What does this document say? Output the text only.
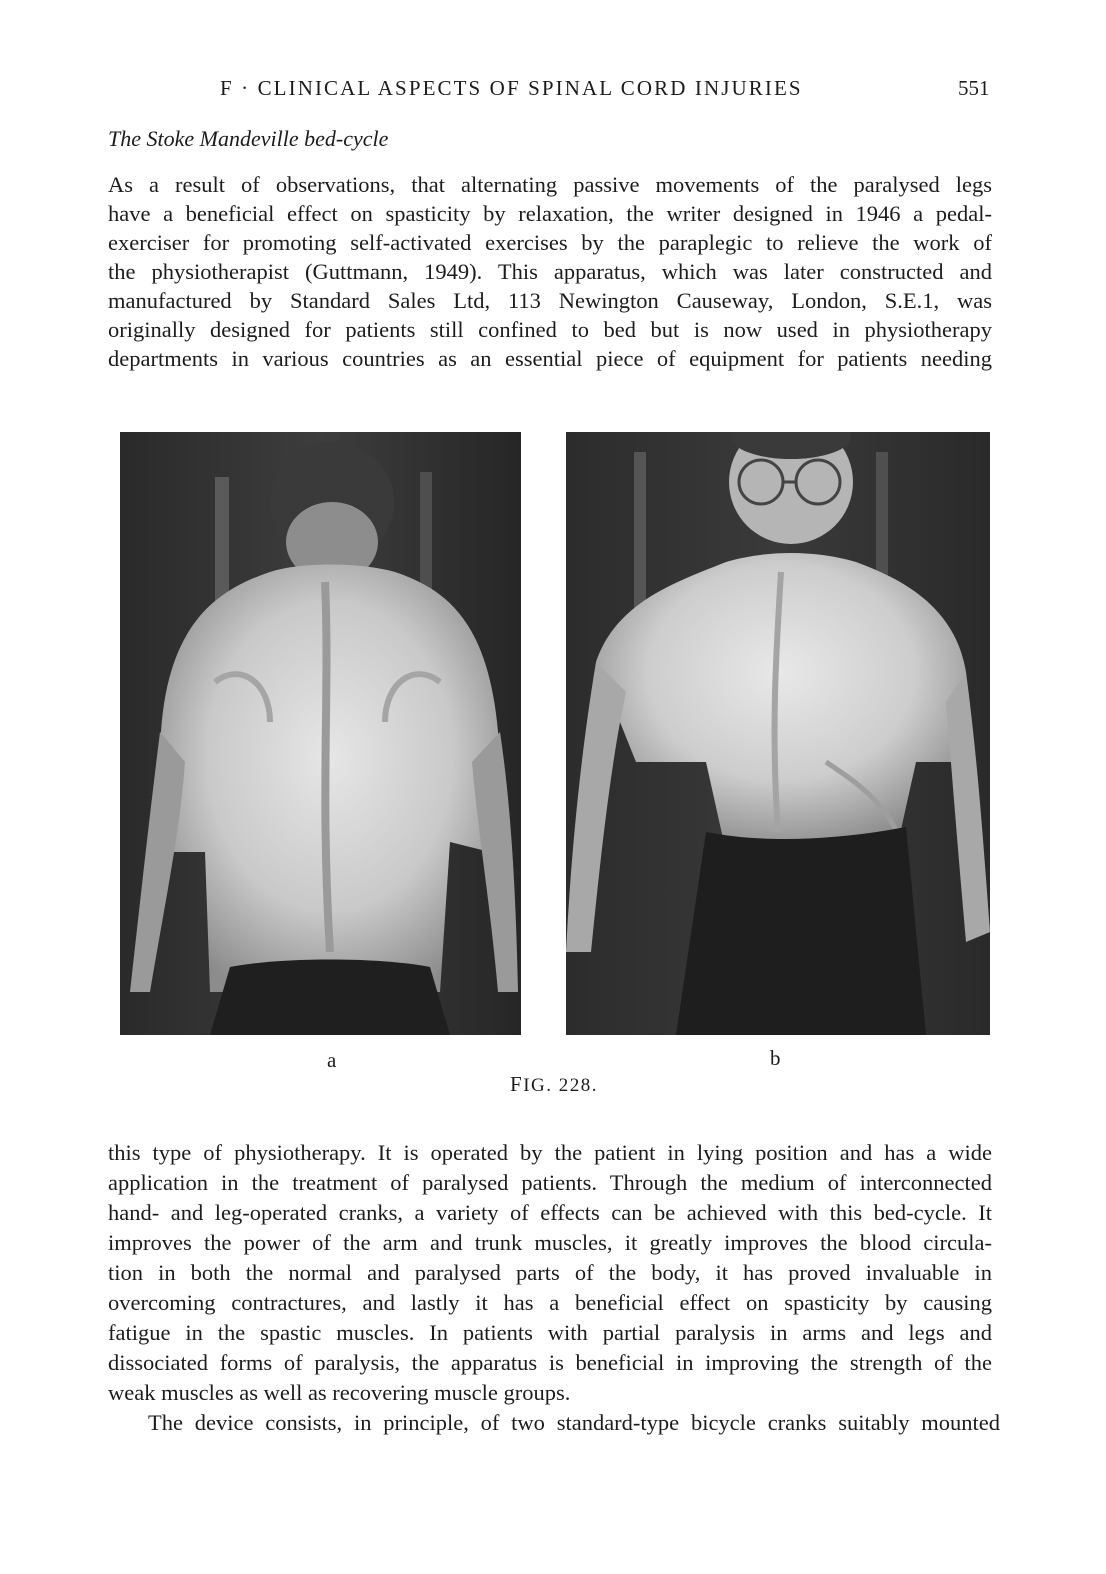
F · CLINICAL ASPECTS OF SPINAL CORD INJURIES	551
The Stoke Mandeville bed-cycle
As a result of observations, that alternating passive movements of the paralysed legs
have a beneficial effect on spasticity by relaxation, the writer designed in 1946 a pedal-
exerciser for promoting self-activated exercises by the paraplegic to relieve the work of
the physiotherapist (Guttmann, 1949). This apparatus, which was later constructed and
manufactured by Standard Sales Ltd, 113 Newington Causeway, London, S.E.1, was
originally designed for patients still confined to bed but is now used in physiotherapy
departments in various countries as an essential piece of equipment for patients needing
a	b
FIG. 228.
this type of physiotherapy. It is operated by the patient in lying position and has a wide
application in the treatment of paralysed patients. Through the medium of interconnected
hand- and leg-operated cranks, a variety of effects can be achieved with this bed-cycle. It
improves the power of the arm and trunk muscles, it greatly improves the blood circula-
tion in both the normal and paralysed parts of the body, it has proved invaluable in
overcoming contractures, and lastly it has a beneficial effect on spasticity by causing
fatigue in the spastic muscles. In patients with partial paralysis in arms and legs and
dissociated forms of paralysis, the apparatus is beneficial in improving the strength of the
weak muscles as well as recovering muscle groups.
The device consists, in principle, of two standard-type bicycle cranks suitably mounted
